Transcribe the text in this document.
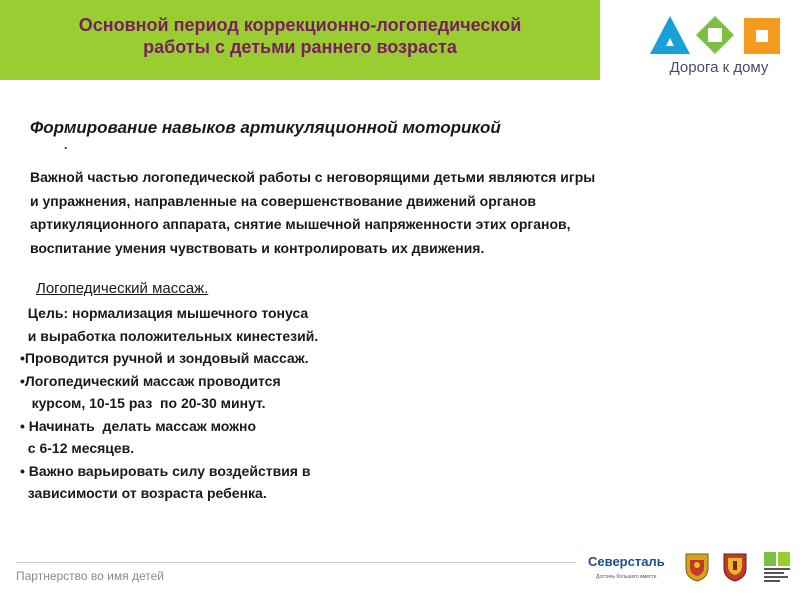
Основной период коррекционно-логопедической
работы с детьми раннего возраста
Дорога к дому
Формирование навыков артикуляционной моторикой
.
Важной частью логопедической работы с неговорящими детьми являются игры
и упражнения, направленные на совершенствование движений органов
артикуляционного аппарата, снятие мышечной напряженности этих органов,
воспитание умения чувствовать и контролировать их движения.
Логопедический массаж.
Цель: нормализация мышечного тонуса
и выработка положительных кинестезий.
•Проводится ручной и зондовый массаж.
•Логопедический массаж проводится
курсом, 10-15 раз  по 20-30 минут.
• Начинать  делать массаж можно
с 6-12 месяцев.
• Важно варьировать силу воздействия в
зависимости от возраста ребенка.
Партнерство во имя детей
Северсталь
Достичь большего вместе
